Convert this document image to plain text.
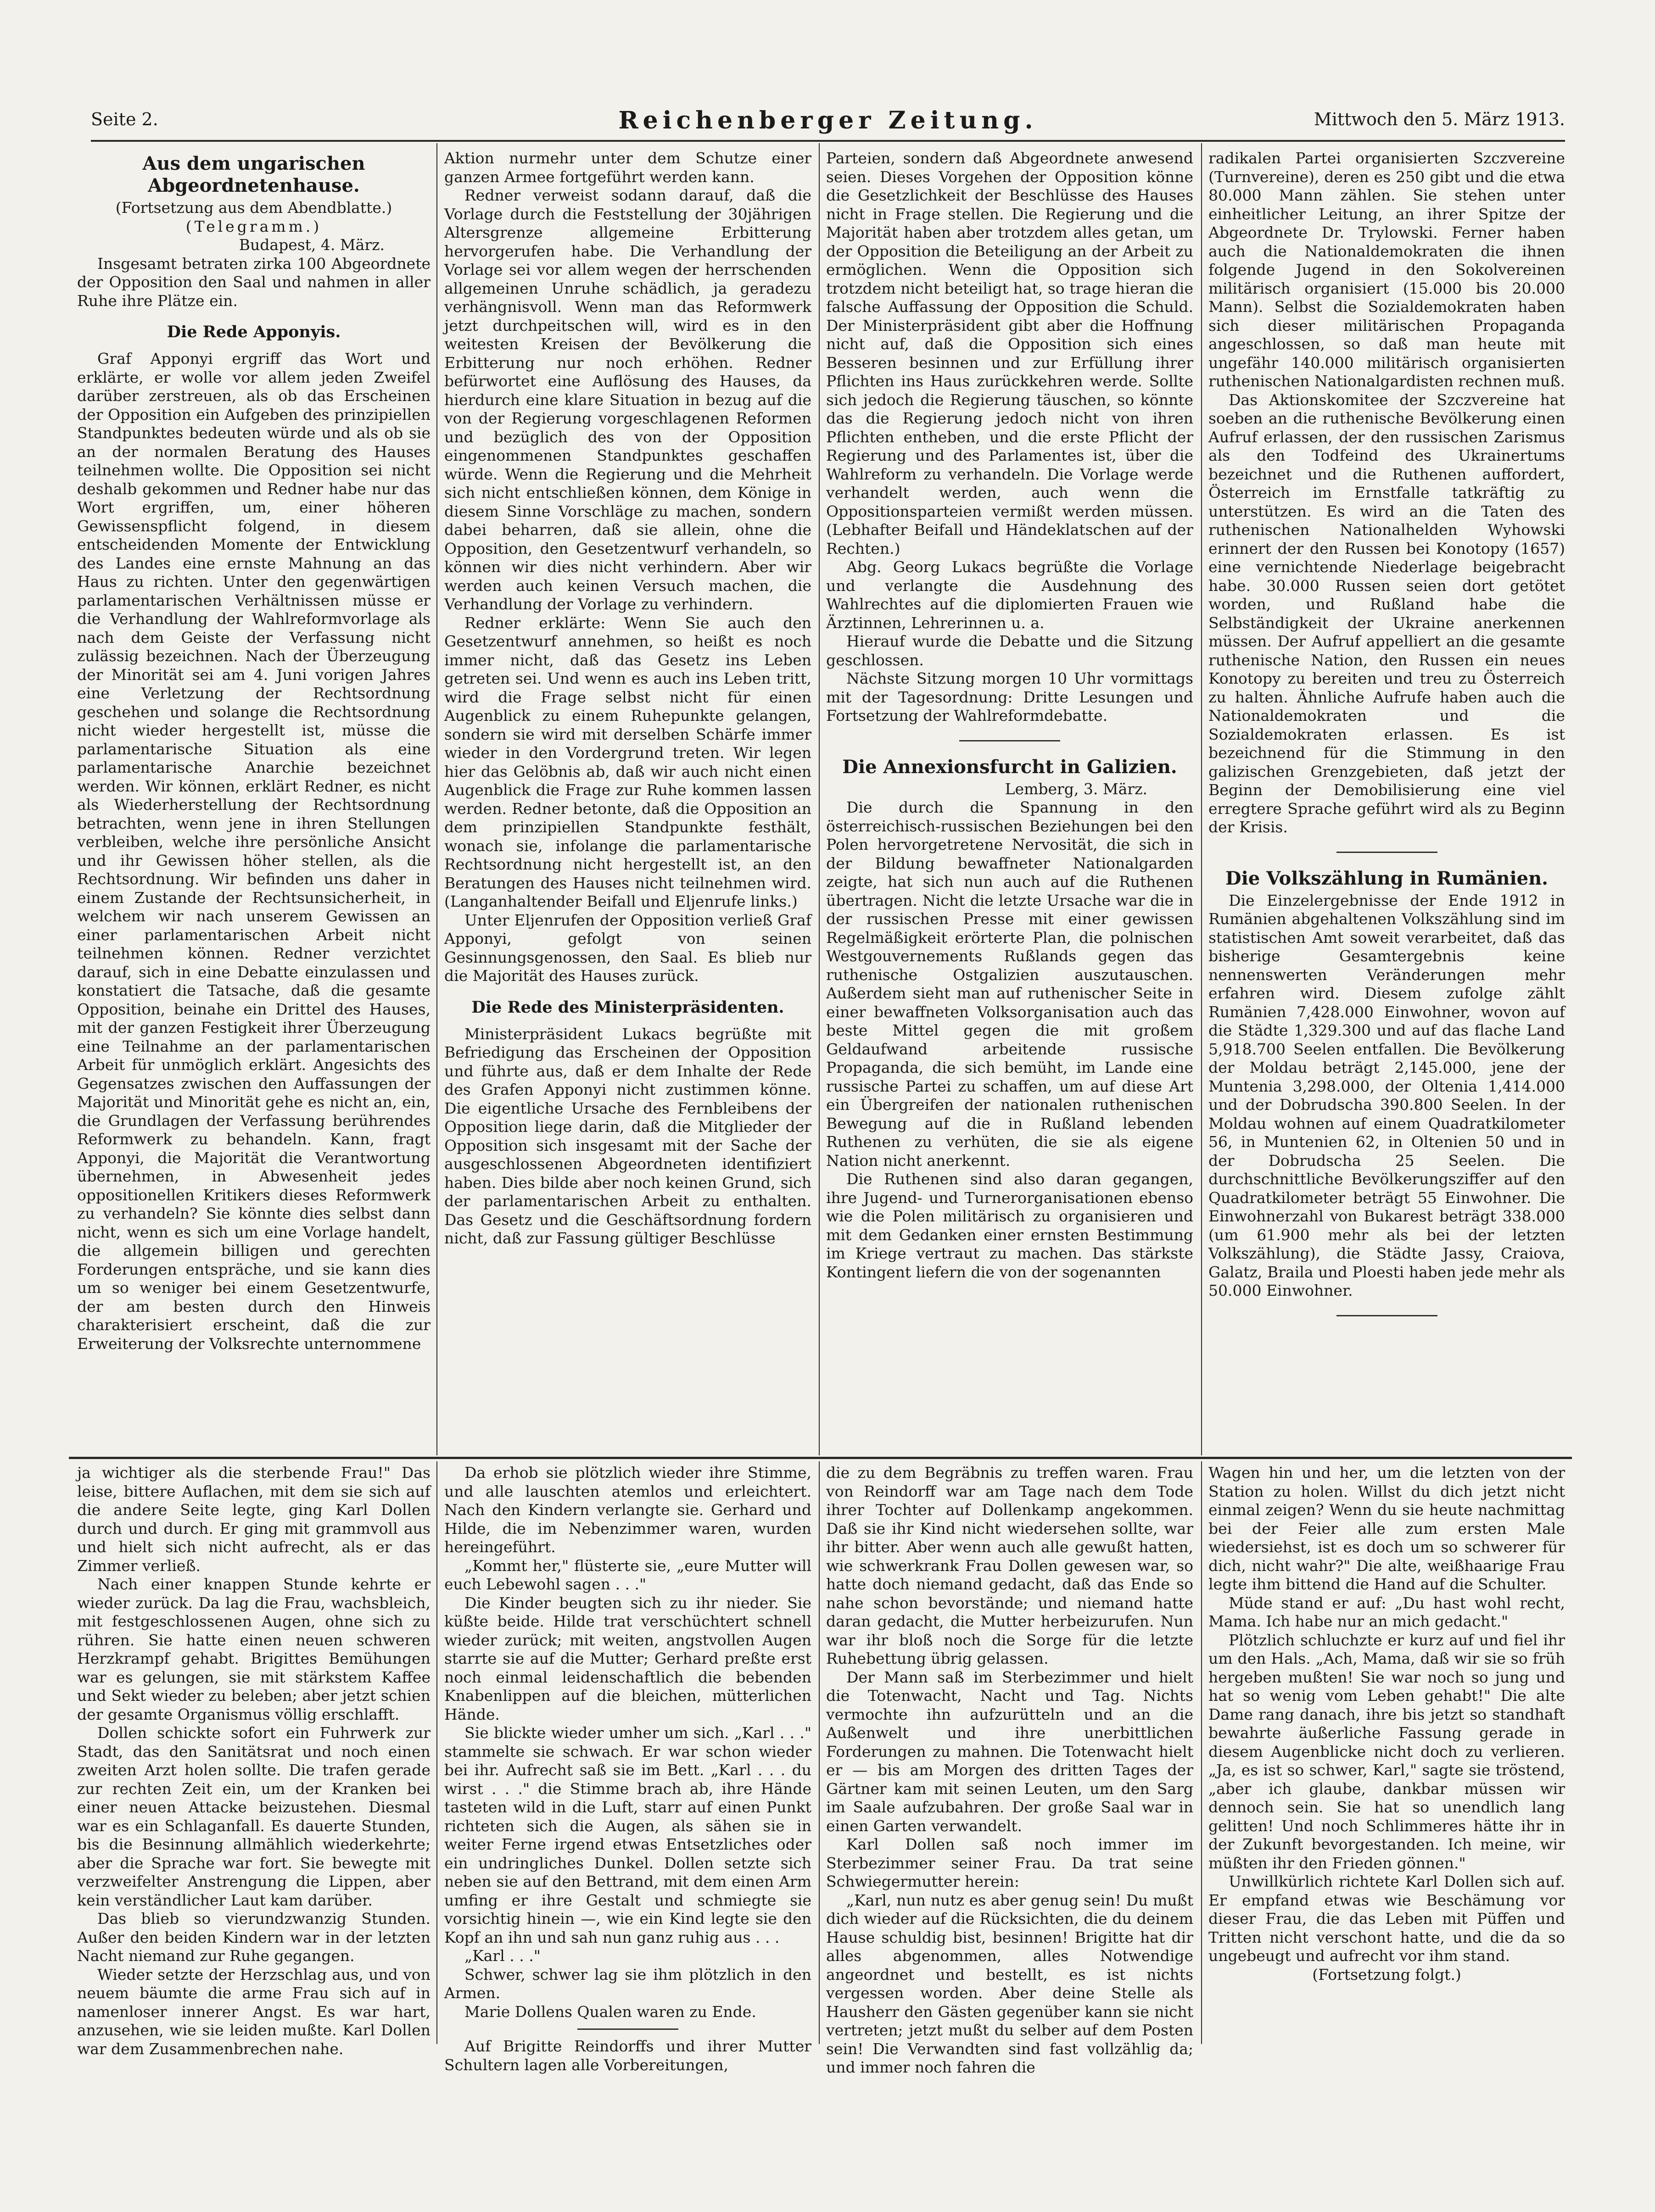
Seite 2.	Reichenberger Zeitung.	Mittwoch den 5. März 1913.
Aus dem ungarischen Abgeordnetenhause.

(Fortsetzung aus dem Abendblatte.)

(Telegramm.)

Budapest, 4. März.

Insgesamt betraten zirka 100 Abgeordnete der Opposition den Saal und nahmen in aller Ruhe ihre Plätze ein.

Die Rede Apponyis.

Graf Apponyi ergriff das Wort und erklärte, er wolle vor allem jeden Zweifel darüber zerstreuen, als ob das Erscheinen der Opposition ein Aufgeben des prinzipiellen Standpunktes bedeuten würde und als ob sie an der normalen Beratung des Hauses teilnehmen wollte. Die Opposition sei nicht deshalb gekommen und Redner habe nur das Wort ergriffen, um, einer höheren Gewissenspflicht folgend, in diesem entscheidenden Momente der Entwicklung des Landes eine ernste Mahnung an das Haus zu richten. Unter den gegenwärtigen parlamentarischen Verhältnissen müsse er die Verhandlung der Wahlreformvorlage als nach dem Geiste der Verfassung nicht zulässig bezeichnen. Nach der Überzeugung der Minorität sei am 4. Juni vorigen Jahres eine Verletzung der Rechtsordnung geschehen und solange die Rechtsordnung nicht wieder hergestellt ist, müsse die parlamentarische Situation als eine parlamentarische Anarchie bezeichnet werden. Wir können, erklärt Redner, es nicht als Wiederherstellung der Rechtsordnung betrachten, wenn jene in ihren Stellungen verbleiben, welche ihre persönliche Ansicht und ihr Gewissen höher stellen, als die Rechtsordnung. Wir befinden uns daher in einem Zustande der Rechtsunsicherheit, in welchem wir nach unserem Gewissen an einer parlamentarischen Arbeit nicht teilnehmen können. Redner verzichtet darauf, sich in eine Debatte einzulassen und konstatiert die Tatsache, daß die gesamte Opposition, beinahe ein Drittel des Hauses, mit der ganzen Festigkeit ihrer Überzeugung eine Teilnahme an der parlamentarischen Arbeit für unmöglich erklärt. Angesichts des Gegensatzes zwischen den Auffassungen der Majorität und Minorität gehe es nicht an, ein, die Grundlagen der Verfassung berührendes Reformwerk zu behandeln. Kann, fragt Apponyi, die Majorität die Verantwortung übernehmen, in Abwesenheit jedes oppositionellen Kritikers dieses Reformwerk zu verhandeln? Sie könnte dies selbst dann nicht, wenn es sich um eine Vorlage handelt, die allgemein billigen und gerechten Forderungen entspräche, und sie kann dies um so weniger bei einem Gesetzentwurfe, der am besten durch den Hinweis charakterisiert erscheint, daß die zur Erweiterung der Volksrechte unternommene

Aktion nurmehr unter dem Schutze einer ganzen Armee fortgeführt werden kann.

Redner verweist sodann darauf, daß die Vorlage durch die Feststellung der 30jährigen Altersgrenze allgemeine Erbitterung hervorgerufen habe. Die Verhandlung der Vorlage sei vor allem wegen der herrschenden allgemeinen Unruhe schädlich, ja geradezu verhängnisvoll. Wenn man das Reformwerk jetzt durchpeitschen will, wird es in den weitesten Kreisen der Bevölkerung die Erbitterung nur noch erhöhen. Redner befürwortet eine Auflösung des Hauses, da hierdurch eine klare Situation in bezug auf die von der Regierung vorgeschlagenen Reformen und bezüglich des von der Opposition eingenommenen Standpunktes geschaffen würde. Wenn die Regierung und die Mehrheit sich nicht entschließen können, dem Könige in diesem Sinne Vorschläge zu machen, sondern dabei beharren, daß sie allein, ohne die Opposition, den Gesetzentwurf verhandeln, so können wir dies nicht verhindern. Aber wir werden auch keinen Versuch machen, die Verhandlung der Vorlage zu verhindern.

Redner erklärte: Wenn Sie auch den Gesetzentwurf annehmen, so heißt es noch immer nicht, daß das Gesetz ins Leben getreten sei. Und wenn es auch ins Leben tritt, wird die Frage selbst nicht für einen Augenblick zu einem Ruhepunkte gelangen, sondern sie wird mit derselben Schärfe immer wieder in den Vordergrund treten. Wir legen hier das Gelöbnis ab, daß wir auch nicht einen Augenblick die Frage zur Ruhe kommen lassen werden. Redner betonte, daß die Opposition an dem prinzipiellen Standpunkte festhält, wonach sie, infolange die parlamentarische Rechtsordnung nicht hergestellt ist, an den Beratungen des Hauses nicht teilnehmen wird. (Langanhaltender Beifall und Eljenrufe links.)

Unter Eljenrufen der Opposition verließ Graf Apponyi, gefolgt von seinen Gesinnungsgenossen, den Saal. Es blieb nur die Majorität des Hauses zurück.

Die Rede des Ministerpräsidenten.

Ministerpräsident Lukacs begrüßte mit Befriedigung das Erscheinen der Opposition und führte aus, daß er dem Inhalte der Rede des Grafen Apponyi nicht zustimmen könne. Die eigentliche Ursache des Fernbleibens der Opposition liege darin, daß die Mitglieder der Opposition sich insgesamt mit der Sache der ausgeschlossenen Abgeordneten identifiziert haben. Dies bilde aber noch keinen Grund, sich der parlamentarischen Arbeit zu enthalten. Das Gesetz und die Geschäftsordnung fordern nicht, daß zur Fassung gültiger Beschlüsse

Parteien, sondern daß Abgeordnete anwesend seien. Dieses Vorgehen der Opposition könne die Gesetzlichkeit der Beschlüsse des Hauses nicht in Frage stellen. Die Regierung und die Majorität haben aber trotzdem alles getan, um der Opposition die Beteiligung an der Arbeit zu ermöglichen. Wenn die Opposition sich trotzdem nicht beteiligt hat, so trage hieran die falsche Auffassung der Opposition die Schuld. Der Ministerpräsident gibt aber die Hoffnung nicht auf, daß die Opposition sich eines Besseren besinnen und zur Erfüllung ihrer Pflichten ins Haus zurückkehren werde. Sollte sich jedoch die Regierung täuschen, so könnte das die Regierung jedoch nicht von ihren Pflichten entheben, und die erste Pflicht der Regierung und des Parlamentes ist, über die Wahlreform zu verhandeln. Die Vorlage werde verhandelt werden, auch wenn die Oppositionsparteien vermißt werden müssen. (Lebhafter Beifall und Händeklatschen auf der Rechten.)

Abg. Georg Lukacs begrüßte die Vorlage und verlangte die Ausdehnung des Wahlrechtes auf die diplomierten Frauen wie Ärztinnen, Lehrerinnen u. a.

Hierauf wurde die Debatte und die Sitzung geschlossen.

Nächste Sitzung morgen 10 Uhr vormittags mit der Tagesordnung: Dritte Lesungen und Fortsetzung der Wahlreformdebatte.

Die Annexionsfurcht in Galizien.

Lemberg, 3. März.

Die durch die Spannung in den österreichisch-russischen Beziehungen bei den Polen hervorgetretene Nervosität, die sich in der Bildung bewaffneter Nationalgarden zeigte, hat sich nun auch auf die Ruthenen übertragen. Nicht die letzte Ursache war die in der russischen Presse mit einer gewissen Regelmäßigkeit erörterte Plan, die polnischen Westgouvernements Rußlands gegen das ruthenische Ostgalizien auszutauschen. Außerdem sieht man auf ruthenischer Seite in einer bewaffneten Volksorganisation auch das beste Mittel gegen die mit großem Geldaufwand arbeitende russische Propaganda, die sich bemüht, im Lande eine russische Partei zu schaffen, um auf diese Art ein Übergreifen der nationalen ruthenischen Bewegung auf die in Rußland lebenden Ruthenen zu verhüten, die sie als eigene Nation nicht anerkennt.

Die Ruthenen sind also daran gegangen, ihre Jugend- und Turnerorganisationen ebenso wie die Polen militärisch zu organisieren und mit dem Gedanken einer ernsten Bestimmung im Kriege vertraut zu machen. Das stärkste Kontingent liefern die von der sogenannten

radikalen Partei organisierten Szczvereine (Turnvereine), deren es 250 gibt und die etwa 80.000 Mann zählen. Sie stehen unter einheitlicher Leitung, an ihrer Spitze der Abgeordnete Dr. Trylowski. Ferner haben auch die Nationaldemokraten die ihnen folgende Jugend in den Sokolvereinen militärisch organisiert (15.000 bis 20.000 Mann). Selbst die Sozialdemokraten haben sich dieser militärischen Propaganda angeschlossen, so daß man heute mit ungefähr 140.000 militärisch organisierten ruthenischen Nationalgardisten rechnen muß.

Das Aktionskomitee der Szczvereine hat soeben an die ruthenische Bevölkerung einen Aufruf erlassen, der den russischen Zarismus als den Todfeind des Ukrainertums bezeichnet und die Ruthenen auffordert, Österreich im Ernstfalle tatkräftig zu unterstützen. Es wird an die Taten des ruthenischen Nationalhelden Wyhowski erinnert der den Russen bei Konotopy (1657) eine vernichtende Niederlage beigebracht habe. 30.000 Russen seien dort getötet worden, und Rußland habe die Selbständigkeit der Ukraine anerkennen müssen. Der Aufruf appelliert an die gesamte ruthenische Nation, den Russen ein neues Konotopy zu bereiten und treu zu Österreich zu halten. Ähnliche Aufrufe haben auch die Nationaldemokraten und die Sozialdemokraten erlassen. Es ist bezeichnend für die Stimmung in den galizischen Grenzgebieten, daß jetzt der Beginn der Demobilisierung eine viel erregtere Sprache geführt wird als zu Beginn der Krisis.

Die Volkszählung in Rumänien.

Die Einzelergebnisse der Ende 1912 in Rumänien abgehaltenen Volkszählung sind im statistischen Amt soweit verarbeitet, daß das bisherige Gesamtergebnis keine nennenswerten Veränderungen mehr erfahren wird. Diesem zufolge zählt Rumänien 7,428.000 Einwohner, wovon auf die Städte 1,329.300 und auf das flache Land 5,918.700 Seelen entfallen. Die Bevölkerung der Moldau beträgt 2,145.000, jene der Muntenia 3,298.000, der Oltenia 1,414.000 und der Dobrudscha 390.800 Seelen. In der Moldau wohnen auf einem Quadratkilometer 56, in Muntenien 62, in Oltenien 50 und in der Dobrudscha 25 Seelen. Die durchschnittliche Bevölkerungsziffer auf den Quadratkilometer beträgt 55 Einwohner. Die Einwohnerzahl von Bukarest beträgt 338.000 (um 61.900 mehr als bei der letzten Volkszählung), die Städte Jassy, Craiova, Galatz, Braila und Ploesti haben jede mehr als 50.000 Einwohner.

ja wichtiger als die sterbende Frau!" Das leise, bittere Auflachen, mit dem sie sich auf die andere Seite legte, ging Karl Dollen durch und durch. Er ging mit grammvoll aus und hielt sich nicht aufrecht, als er das Zimmer verließ.

Nach einer knappen Stunde kehrte er wieder zurück. Da lag die Frau, wachsbleich, mit festgeschlossenen Augen, ohne sich zu rühren. Sie hatte einen neuen schweren Herzkrampf gehabt. Brigittes Bemühungen war es gelungen, sie mit stärkstem Kaffee und Sekt wieder zu beleben; aber jetzt schien der gesamte Organismus völlig erschlafft.

Dollen schickte sofort ein Fuhrwerk zur Stadt, das den Sanitätsrat und noch einen zweiten Arzt holen sollte. Die trafen gerade zur rechten Zeit ein, um der Kranken bei einer neuen Attacke beizustehen. Diesmal war es ein Schlaganfall. Es dauerte Stunden, bis die Besinnung allmählich wiederkehrte; aber die Sprache war fort. Sie bewegte mit verzweifelter Anstrengung die Lippen, aber kein verständlicher Laut kam darüber.

Das blieb so vierundzwanzig Stunden. Außer den beiden Kindern war in der letzten Nacht niemand zur Ruhe gegangen.

Wieder setzte der Herzschlag aus, und von neuem bäumte die arme Frau sich auf in namenloser innerer Angst. Es war hart, anzusehen, wie sie leiden mußte. Karl Dollen war dem Zusammenbrechen nahe.

Da erhob sie plötzlich wieder ihre Stimme, und alle lauschten atemlos und erleichtert. Nach den Kindern verlangte sie. Gerhard und Hilde, die im Nebenzimmer waren, wurden hereingeführt.

„Kommt her," flüsterte sie, „eure Mutter will euch Lebewohl sagen . . ."

Die Kinder beugten sich zu ihr nieder. Sie küßte beide. Hilde trat verschüchtert schnell wieder zurück; mit weiten, angstvollen Augen starrte sie auf die Mutter; Gerhard preßte erst noch einmal leidenschaftlich die bebenden Knabenlippen auf die bleichen, mütterlichen Hände.

Sie blickte wieder umher um sich. „Karl . . ." stammelte sie schwach. Er war schon wieder bei ihr. Aufrecht saß sie im Bett. „Karl . . . du wirst . . ." die Stimme brach ab, ihre Hände tasteten wild in die Luft, starr auf einen Punkt richteten sich die Augen, als sähen sie in weiter Ferne irgend etwas Entsetzliches oder ein undringliches Dunkel. Dollen setzte sich neben sie auf den Bettrand, mit dem einen Arm umfing er ihre Gestalt und schmiegte sie vorsichtig hinein —, wie ein Kind legte sie den Kopf an ihn und sah nun ganz ruhig aus . . .

„Karl . . ."

Schwer, schwer lag sie ihm plötzlich in den Armen.

Marie Dollens Qualen waren zu Ende.

Auf Brigitte Reindorffs und ihrer Mutter Schultern lagen alle Vorbereitungen,

die zu dem Begräbnis zu treffen waren. Frau von Reindorff war am Tage nach dem Tode ihrer Tochter auf Dollenkamp angekommen. Daß sie ihr Kind nicht wiedersehen sollte, war ihr bitter. Aber wenn auch alle gewußt hatten, wie schwerkrank Frau Dollen gewesen war, so hatte doch niemand gedacht, daß das Ende so nahe schon bevorstände; und niemand hatte daran gedacht, die Mutter herbeizurufen. Nun war ihr bloß noch die Sorge für die letzte Ruhebettung übrig gelassen.

Der Mann saß im Sterbezimmer und hielt die Totenwacht, Nacht und Tag. Nichts vermochte ihn aufzurütteln und an die Außenwelt und ihre unerbittlichen Forderungen zu mahnen. Die Totenwacht hielt er — bis am Morgen des dritten Tages der Gärtner kam mit seinen Leuten, um den Sarg im Saale aufzubahren. Der große Saal war in einen Garten verwandelt.

Karl Dollen saß noch immer im Sterbezimmer seiner Frau. Da trat seine Schwiegermutter herein:

„Karl, nun nutz es aber genug sein! Du mußt dich wieder auf die Rücksichten, die du deinem Hause schuldig bist, besinnen! Brigitte hat dir alles abgenommen, alles Notwendige angeordnet und bestellt, es ist nichts vergessen worden. Aber deine Stelle als Hausherr den Gästen gegenüber kann sie nicht vertreten; jetzt mußt du selber auf dem Posten sein! Die Verwandten sind fast vollzählig da; und immer noch fahren die

Wagen hin und her, um die letzten von der Station zu holen. Willst du dich jetzt nicht einmal zeigen? Wenn du sie heute nachmittag bei der Feier alle zum ersten Male wiedersiehst, ist es doch um so schwerer für dich, nicht wahr?" Die alte, weißhaarige Frau legte ihm bittend die Hand auf die Schulter.

Müde stand er auf: „Du hast wohl recht, Mama. Ich habe nur an mich gedacht."

Plötzlich schluchzte er kurz auf und fiel ihr um den Hals. „Ach, Mama, daß wir sie so früh hergeben mußten! Sie war noch so jung und hat so wenig vom Leben gehabt!" Die alte Dame rang danach, ihre bis jetzt so standhaft bewahrte äußerliche Fassung gerade in diesem Augenblicke nicht doch zu verlieren. „Ja, es ist so schwer, Karl," sagte sie tröstend, „aber ich glaube, dankbar müssen wir dennoch sein. Sie hat so unendlich lang gelitten! Und noch Schlimmeres hätte ihr in der Zukunft bevorgestanden. Ich meine, wir müßten ihr den Frieden gönnen."

Unwillkürlich richtete Karl Dollen sich auf. Er empfand etwas wie Beschämung vor dieser Frau, die das Leben mit Püffen und Tritten nicht verschont hatte, und die da so ungebeugt und aufrecht vor ihm stand.

(Fortsetzung folgt.)
